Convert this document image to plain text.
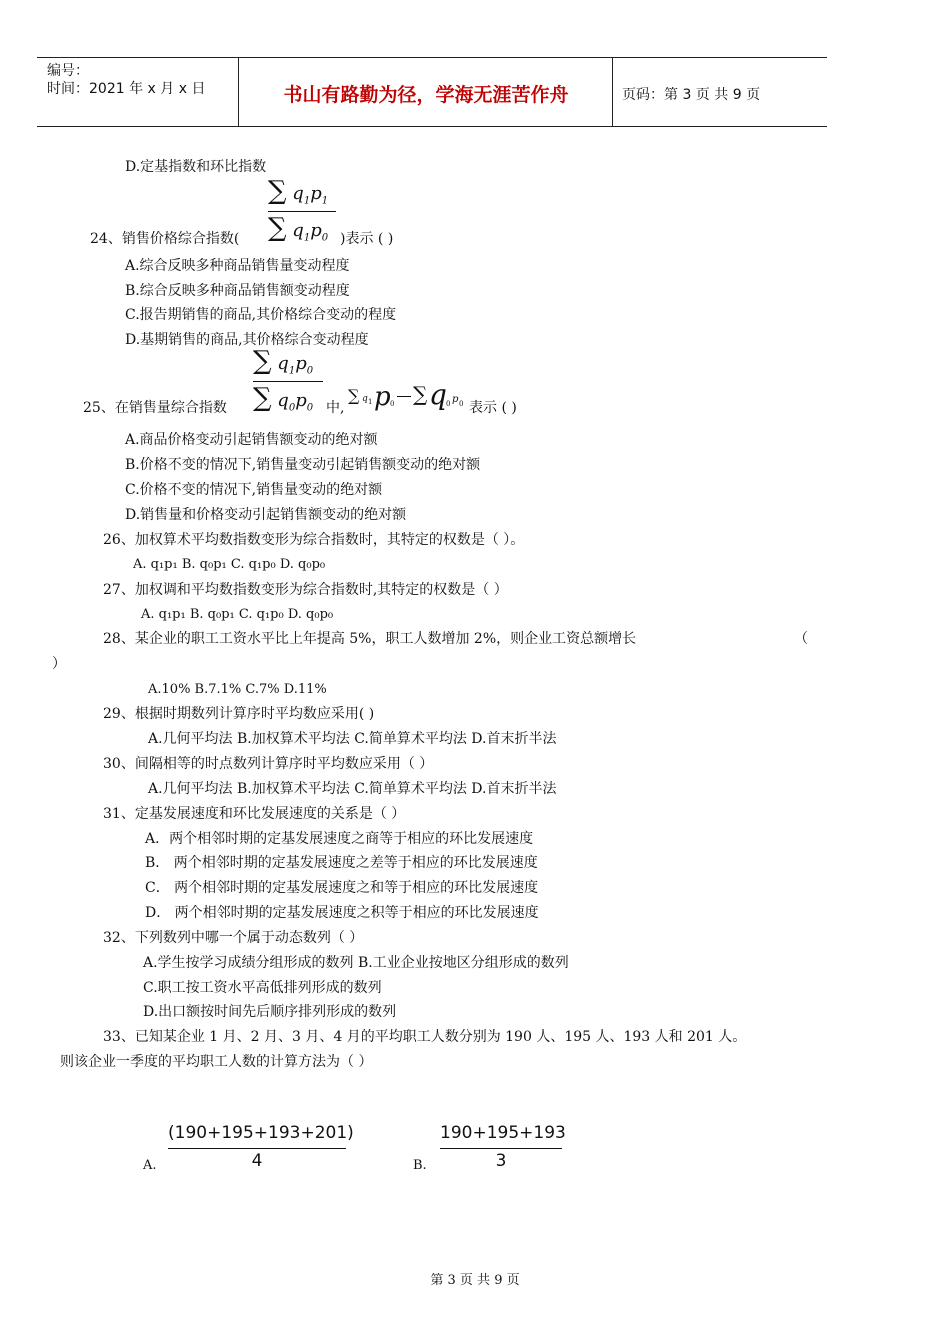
编号：
时间：2021 年 x 月 x 日	书山有路勤为径，学海无涯苦作舟	页码：第 3 页 共 9 页
D.定基指数和环比指数
∑ $q_1p_1$
∑ $q_1p_0$
24、销售价格综合指数(	)表示 ( )
A.综合反映多种商品销售量变动程度
B.综合反映多种商品销售额变动程度
C.报告期销售的商品,其价格综合变动的程度
D.基期销售的商品,其价格综合变动程度
∑ $q_1p_0$
∑ $q_0p_0$
25、在销售量综合指数	中,
∑ q 1 p 0 ∑ q 0 p 0 表示 ( )
A.商品价格变动引起销售额变动的绝对额
B.价格不变的情况下,销售量变动引起销售额变动的绝对额
C.价格不变的情况下,销售量变动的绝对额
D.销售量和价格变动引起销售额变动的绝对额
26、加权算术平均数指数变形为综合指数时，其特定的权数是（ ）。
A. q₁p₁ B. q₀p₁ C. q₁p₀ D. q₀p₀
27、加权调和平均数指数变形为综合指数时,其特定的权数是（ ）
A. q₁p₁ B. q₀p₁ C. q₁p₀ D. q₀p₀
28、某企业的职工工资水平比上年提高 5%，职工人数增加 2%，则企业工资总额增长	（
）
A.10% B.7.1% C.7% D.11%
29、根据时期数列计算序时平均数应采用( )
A.几何平均法 B.加权算术平均法 C.简单算术平均法 D.首末折半法
30、间隔相等的时点数列计算序时平均数应采用（ ）
A.几何平均法 B.加权算术平均法 C.简单算术平均法 D.首末折半法
31、定基发展速度和环比发展速度的关系是（ ）
A．两个相邻时期的定基发展速度之商等于相应的环比发展速度
B． 两个相邻时期的定基发展速度之差等于相应的环比发展速度
C． 两个相邻时期的定基发展速度之和等于相应的环比发展速度
D． 两个相邻时期的定基发展速度之积等于相应的环比发展速度
32、下列数列中哪一个属于动态数列（ ）
A.学生按学习成绩分组形成的数列 B.工业企业按地区分组形成的数列
C.职工按工资水平高低排列形成的数列
D.出口额按时间先后顺序排列形成的数列
33、已知某企业 1 月、2 月、3 月、4 月的平均职工人数分别为 190 人、195 人、193 人和 201 人。
则该企业一季度的平均职工人数的计算方法为（ ）
A.
(190+195+193+201)
4	B.
190+195+193
3
第 3 页 共 9 页
